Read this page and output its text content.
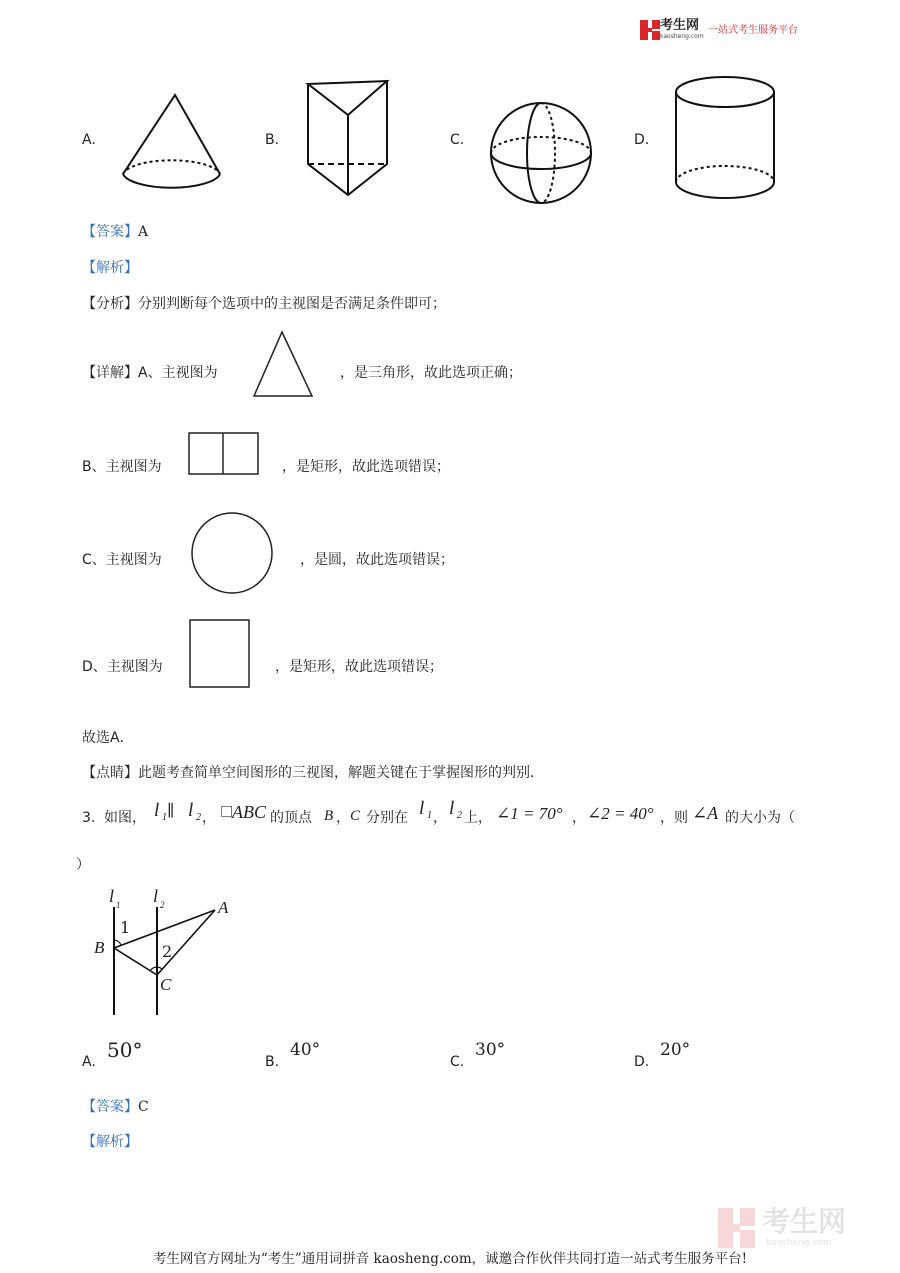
考生网
kaosheng.com
一站式考生服务平台
A.	B.	C.	D.
【答案】A
【解析】
【分析】分别判断每个选项中的主视图是否满足条件即可；
【详解】A、主视图为	，是三角形，故此选项正确；
B、主视图为	，是矩形，故此选项错误；
C、主视图为	，是圆，故此选项错误；
D、主视图为	，是矩形，故此选项错误；
故选A．
【点睛】此题考查简单空间图形的三视图，解题关键在于掌握图形的判别．
3. 如图， l 1 ∥ l 2 ， □
ABC 的顶点 B ， C 分别在 l 1 ， l 2 上， ∠1 = 70° ， ∠2 = 40° ，则 ∠A 的大小为（
）
l 1 l 2	A
B
C
1
2
A. 50°	B.
40°
C.
30°
D.
20°
【答案】C
【解析】
考生网
kaosheng.com
考生网官方网址为“考生”通用词拼音 kaosheng.com，诚邀合作伙伴共同打造一站式考生服务平台!
